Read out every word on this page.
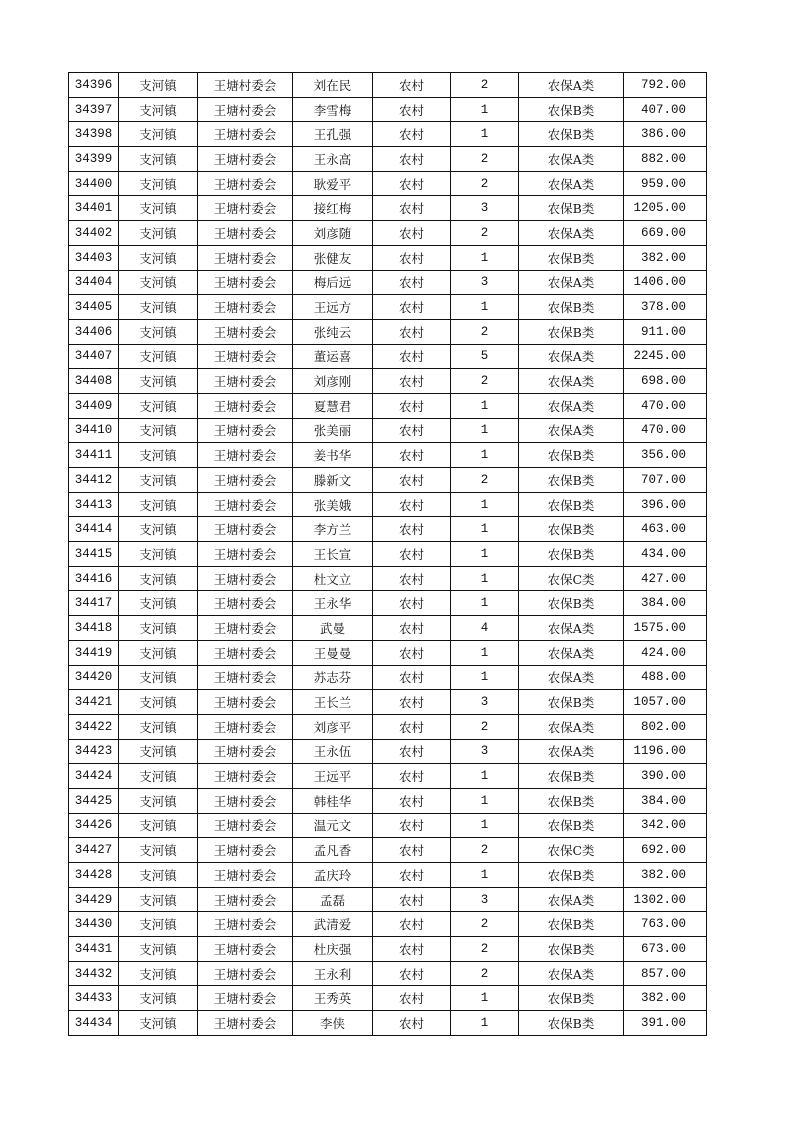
34396	支河镇	王塘村委会	刘在民	农村	2	农保A类	792.00
34397	支河镇	王塘村委会	李雪梅	农村	1	农保B类	407.00
34398	支河镇	王塘村委会	王孔强	农村	1	农保B类	386.00
34399	支河镇	王塘村委会	王永高	农村	2	农保A类	882.00
34400	支河镇	王塘村委会	耿爱平	农村	2	农保A类	959.00
34401	支河镇	王塘村委会	接红梅	农村	3	农保B类	1205.00
34402	支河镇	王塘村委会	刘彦随	农村	2	农保A类	669.00
34403	支河镇	王塘村委会	张健友	农村	1	农保B类	382.00
34404	支河镇	王塘村委会	梅后远	农村	3	农保A类	1406.00
34405	支河镇	王塘村委会	王远方	农村	1	农保B类	378.00
34406	支河镇	王塘村委会	张纯云	农村	2	农保B类	911.00
34407	支河镇	王塘村委会	董运喜	农村	5	农保A类	2245.00
34408	支河镇	王塘村委会	刘彦刚	农村	2	农保A类	698.00
34409	支河镇	王塘村委会	夏慧君	农村	1	农保A类	470.00
34410	支河镇	王塘村委会	张美丽	农村	1	农保A类	470.00
34411	支河镇	王塘村委会	姜书华	农村	1	农保B类	356.00
34412	支河镇	王塘村委会	滕新文	农村	2	农保B类	707.00
34413	支河镇	王塘村委会	张美娥	农村	1	农保B类	396.00
34414	支河镇	王塘村委会	李方兰	农村	1	农保B类	463.00
34415	支河镇	王塘村委会	王长宣	农村	1	农保B类	434.00
34416	支河镇	王塘村委会	杜文立	农村	1	农保C类	427.00
34417	支河镇	王塘村委会	王永华	农村	1	农保B类	384.00
34418	支河镇	王塘村委会	武曼	农村	4	农保A类	1575.00
34419	支河镇	王塘村委会	王曼曼	农村	1	农保A类	424.00
34420	支河镇	王塘村委会	苏志芬	农村	1	农保A类	488.00
34421	支河镇	王塘村委会	王长兰	农村	3	农保B类	1057.00
34422	支河镇	王塘村委会	刘彦平	农村	2	农保A类	802.00
34423	支河镇	王塘村委会	王永伍	农村	3	农保A类	1196.00
34424	支河镇	王塘村委会	王远平	农村	1	农保B类	390.00
34425	支河镇	王塘村委会	韩桂华	农村	1	农保B类	384.00
34426	支河镇	王塘村委会	温元文	农村	1	农保B类	342.00
34427	支河镇	王塘村委会	孟凡香	农村	2	农保C类	692.00
34428	支河镇	王塘村委会	孟庆玲	农村	1	农保B类	382.00
34429	支河镇	王塘村委会	孟磊	农村	3	农保A类	1302.00
34430	支河镇	王塘村委会	武清爱	农村	2	农保B类	763.00
34431	支河镇	王塘村委会	杜庆强	农村	2	农保B类	673.00
34432	支河镇	王塘村委会	王永利	农村	2	农保A类	857.00
34433	支河镇	王塘村委会	王秀英	农村	1	农保B类	382.00
34434	支河镇	王塘村委会	李侠	农村	1	农保B类	391.00
